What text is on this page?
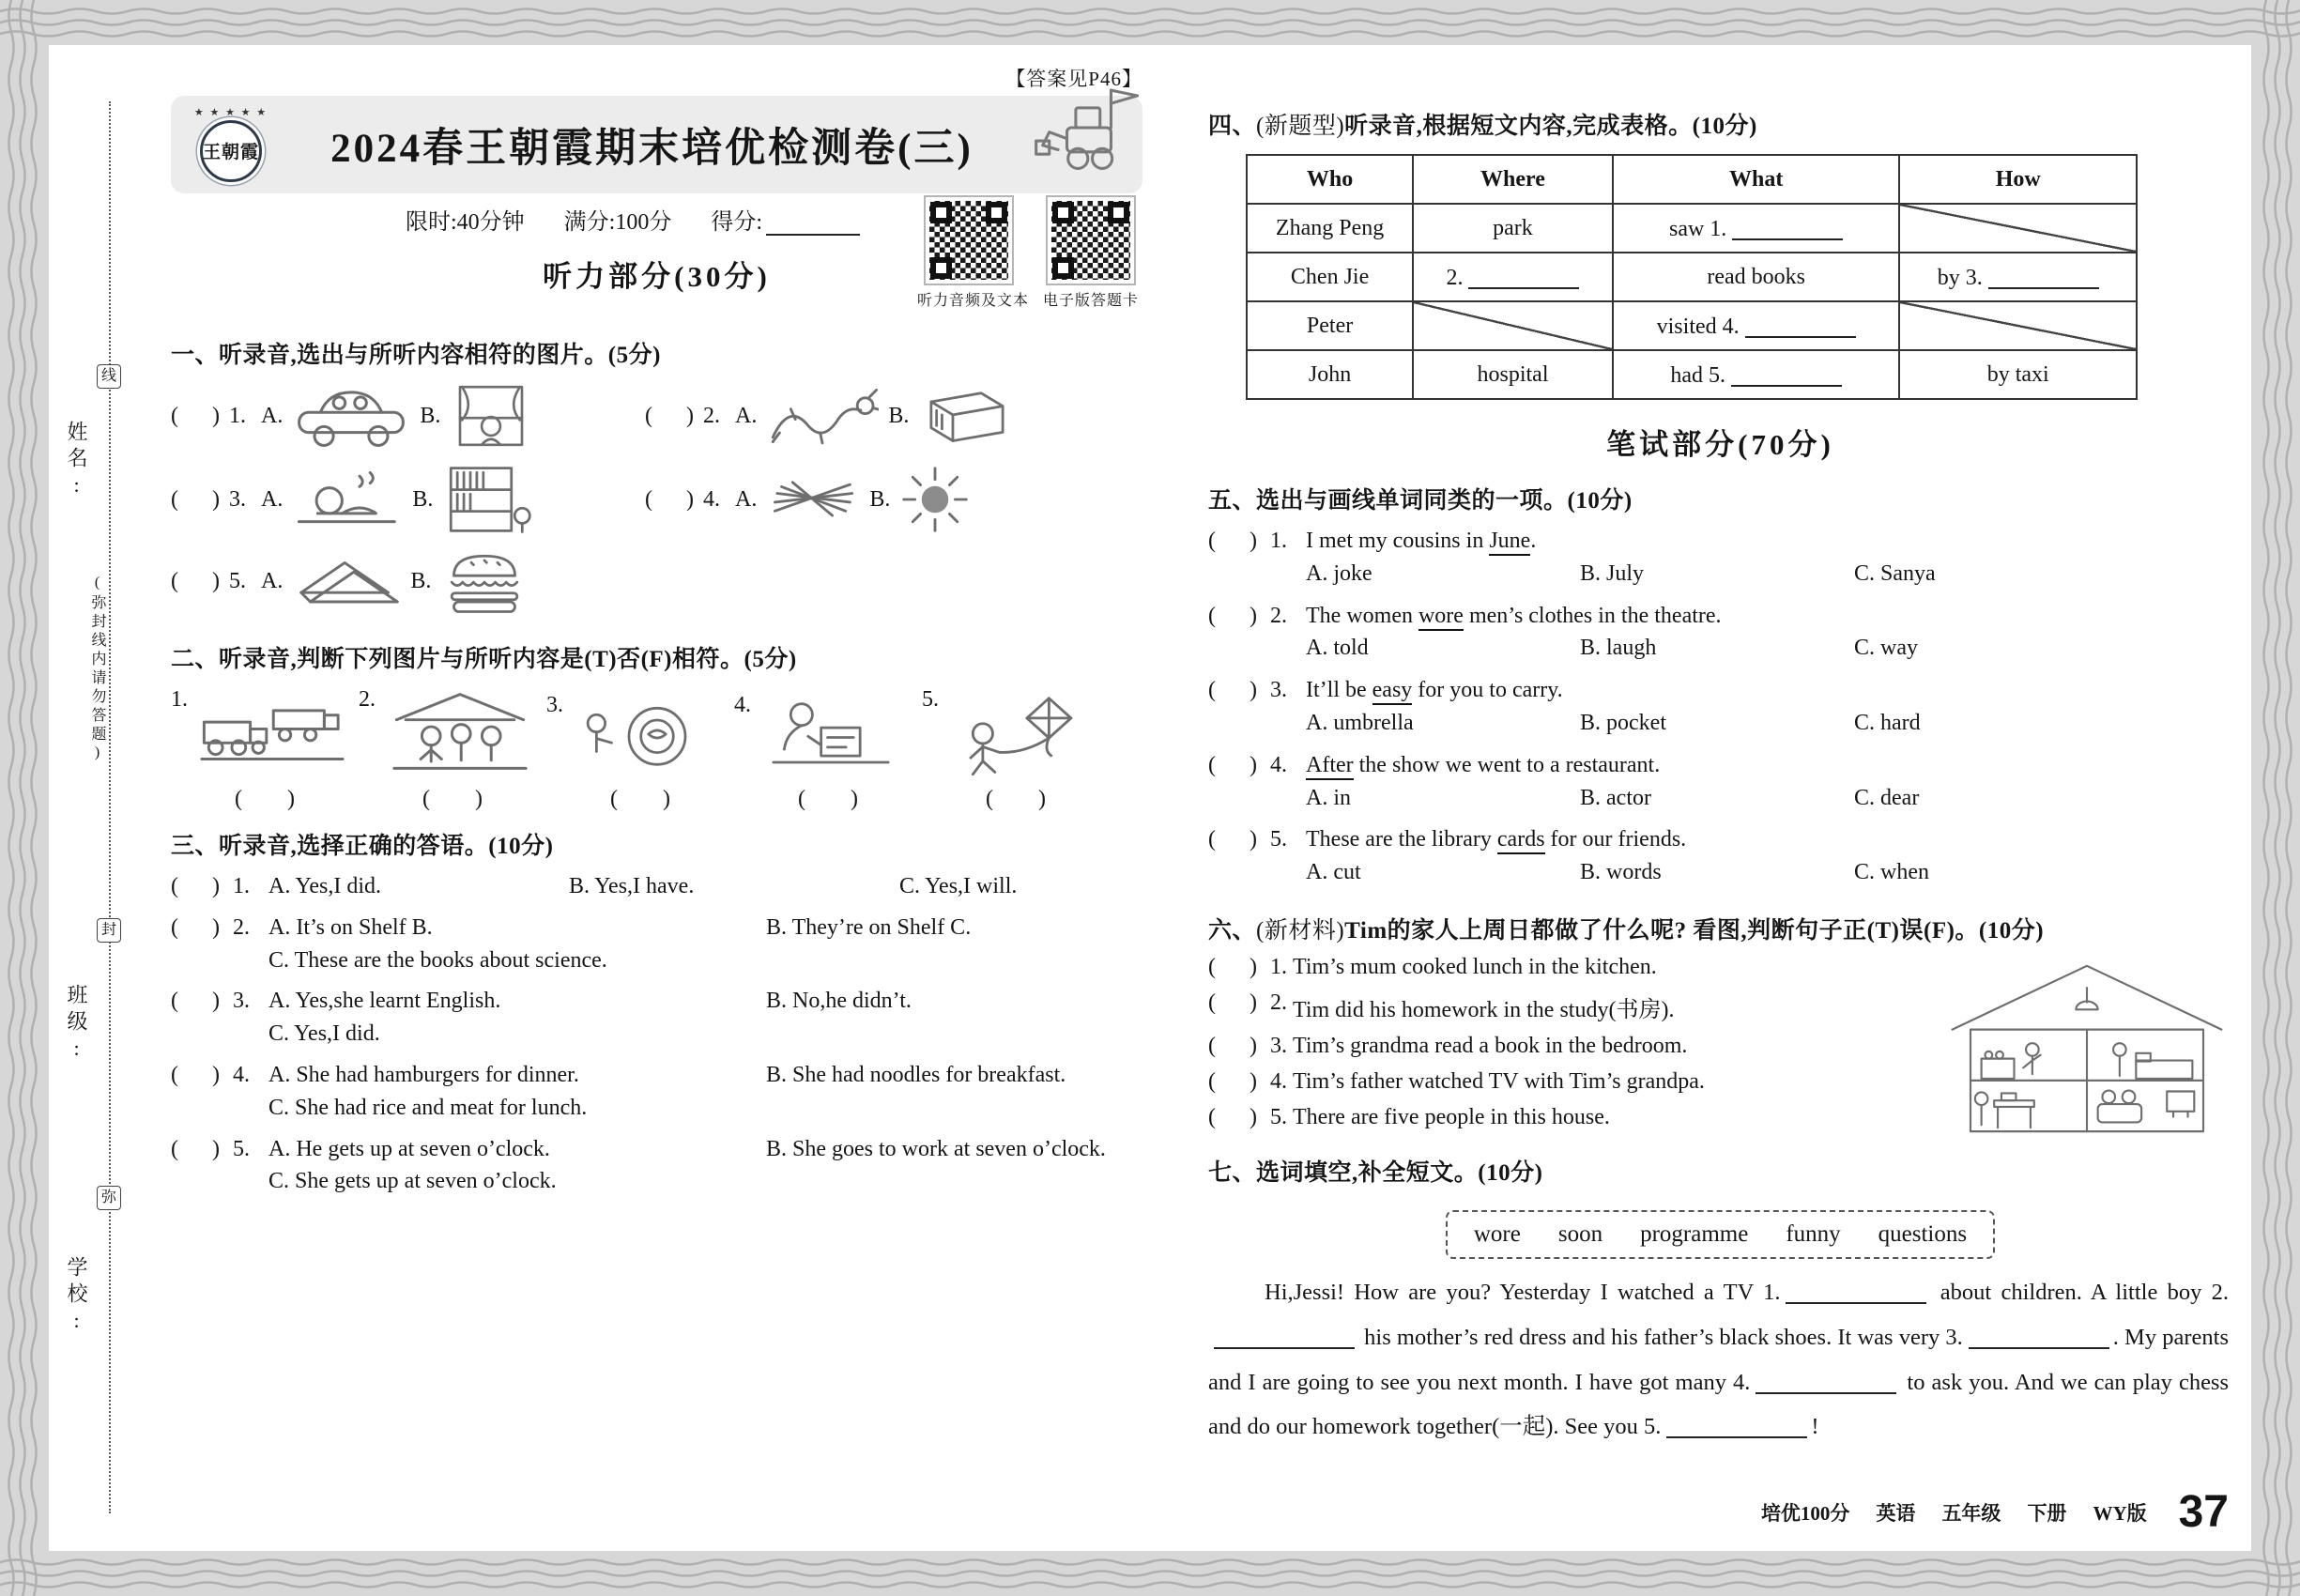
线
姓名:
(弥封线内请勿答题)
封
班级:
弥
学校:
【答案见P46】
★ ★ ★ ★ ★
王朝霞	2024春王朝霞期末培优检测卷(三)
限时:40分钟 满分:100分 得分:
听力部分(30分)
听力音频及文本 电子版答题卡
一、听录音,选出与所听内容相符的图片。(5分)
(      ) 1. A.	B.	(      ) 2. A.	B.
(      ) 3. A.	B.	(      ) 4. A.	B.
(      ) 5. A.	B.
二、听录音,判断下列图片与所听内容是(T)否(F)相符。(5分)
1.	2.	3.	4.	5.
(        )	(        )	(        )	(        )	(        )
三、听录音,选择正确的答语。(10分)
(      ) 1. A. Yes,I did.	B. Yes,I have.	C. Yes,I will.
(      ) 2. A. It’s on Shelf B.	B. They’re on Shelf C.
C. These are the books about science.
(      ) 3. A. Yes,she learnt English.	B. No,he didn’t.
C. Yes,I did.
(      ) 4. A. She had hamburgers for dinner.	B. She had noodles for breakfast.
C. She had rice and meat for lunch.
(      ) 5. A. He gets up at seven o’clock.	B. She goes to work at seven o’clock.
C. She gets up at seven o’clock.
四、(新题型)听录音,根据短文内容,完成表格。(10分)
Who	Where	What	How
Zhang Peng	park	saw 1.	
Chen Jie	2.	read books	by 3.
Peter		visited 4.	
John	hospital	had 5.	by taxi
笔试部分(70分)
五、选出与画线单词同类的一项。(10分)
(      ) 1. I met my cousins in June.
A. joke	B. July	C. Sanya
(      ) 2. The women wore men’s clothes in the theatre.
A. told	B. laugh	C. way
(      ) 3. It’ll be easy for you to carry.
A. umbrella	B. pocket	C. hard
(      ) 4. After the show we went to a restaurant.
A. in	B. actor	C. dear
(      ) 5. These are the library cards for our friends.
A. cut	B. words	C. when
六、(新材料)Tim的家人上周日都做了什么呢? 看图,判断句子正(T)误(F)。(10分)
(      ) 1. Tim’s mum cooked lunch in the kitchen.
(      ) 2. Tim did his homework in the study(书房).
(      ) 3. Tim’s grandma read a book in the bedroom.
(      ) 4. Tim’s father watched TV with Tim’s grandpa.
(      ) 5. There are five people in this house.
七、选词填空,补全短文。(10分)
wore soon programme funny questions

Hi,Jessi! How are you? Yesterday I watched a TV 1.	about children. A little boy 2. his mother’s red dress and his father’s black shoes. It was very 3.	. My parents and I are going to see you next month. I have got many 4.	to ask you. And we can play chess and do our homework together(一起). See you 5.	!

培优100分 英语 五年级 下册 WY版 37
